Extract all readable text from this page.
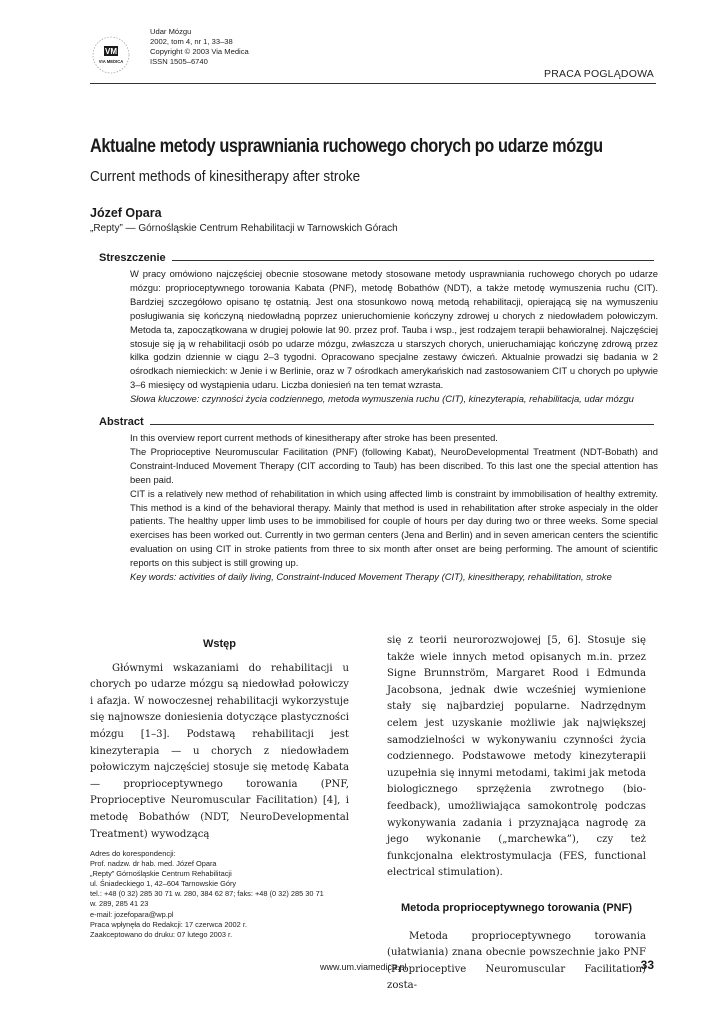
VM
VIA MEDICA
Udar Mózgu
2002, tom 4, nr 1, 33–38
Copyright © 2003 Via Medica
ISSN 1505–6740
PRACA POGLĄDOWA
Aktualne metody usprawniania ruchowego chorych po udarze mózgu
Current methods of kinesitherapy after stroke
Józef Opara
„Repty” — Górnośląskie Centrum Rehabilitacji w Tarnowskich Górach
Streszczenie

W pracy omówiono najczęściej obecnie stosowane metody stosowane metody usprawniania ruchowego chorych po udarze mózgu: proprioceptywnego torowania Kabata (PNF), metodę Bobathów (NDT), a także metodę wymuszenia ruchu (CIT). Bardziej szczegółowo opisano tę ostatnią. Jest ona stosunkowo nową metodą rehabilitacji, opierającą się na wymuszeniu posługiwania się kończyną niedowładną poprzez unieruchomienie kończyny zdrowej u chorych z niedowładem połowiczym. Metoda ta, zapoczątkowana w drugiej połowie lat 90. przez prof. Tauba i wsp., jest rodzajem terapii behawioralnej. Najczęściej stosuje się ją w rehabilitacji osób po udarze mózgu, zwłaszcza u starszych chorych, unieruchamiając kończynę zdrową przez kilka godzin dziennie w ciągu 2–3 tygodni. Opracowano specjalne zestawy ćwiczeń. Aktualnie prowadzi się badania w 2 ośrodkach niemieckich: w Jenie i w Berlinie, oraz w 7 ośrodkach amerykańskich nad zastosowaniem CIT u chorych po upływie 3–6 miesięcy od wystąpienia udaru. Liczba doniesień na ten temat wzrasta.

Słowa kluczowe: czynności życia codziennego, metoda wymuszenia ruchu (CIT), kinezyterapia, rehabilitacja, udar mózgu

Abstract

In this overview report current methods of kinesitherapy after stroke has been presented.

The Proprioceptive Neuromuscular Facilitation (PNF) (following Kabat), NeuroDevelopmental Treatment (NDT-Bobath) and Constraint-Induced Movement Therapy (CIT according to Taub) has been discribed. To this last one the special attention has been paid.

CIT is a relatively new method of rehabilitation in which using affected limb is constraint by immobilisation of healthy extremity. This method is a kind of the behavioral therapy. Mainly that method is used in rehabilitation after stroke aspecialy in the older patients. The healthy upper limb uses to be immobilised for couple of hours per day during two or three weeks. Some special exercises has been worked out. Currently in two german centers (Jena and Berlin) and in seven american centers the scientific evaluation on using CIT in stroke patients from three to six month after onset are being performing. The amount of scientific reports on this subject is still growing up.

Key words: activities of daily living, Constraint-Induced Movement Therapy (CIT), kinesitherapy, rehabilitation, stroke

Wstęp

Głównymi wskazaniami do rehabilitacji u chorych po udarze mózgu są niedowład połowiczy i afazja. W nowoczesnej rehabilitacji wykorzystuje się najnowsze doniesienia dotyczące plastyczności mózgu [1–3]. Podstawą rehabilitacji jest kinezyterapia — u chorych z niedowładem połowiczym najczęściej stosuje się metodę Kabata — proprioceptywnego torowania (PNF, Proprioceptive Neuromuscular Facilitation) [4], i metodę Bobathów (NDT, NeuroDevelopmental Treatment) wywodzącą

Adres do korespondencji:
Prof. nadzw. dr hab. med. Józef Opara
„Repty” Górnośląskie Centrum Rehabilitacji
ul. Śniadeckiego 1, 42–604 Tarnowskie Góry
tel.: +48 (0 32) 285 30 71 w. 280, 384 62 87; faks: +48 (0 32) 285 30 71
w. 289, 285 41 23
e-mail: jozefopara@wp.pl
Praca wpłynęła do Redakcji: 17 czerwca 2002 r.
Zaakceptowano do druku: 07 lutego 2003 r.

się z teorii neurorozwojowej [5, 6]. Stosuje się także wiele innych metod opisanych m.in. przez Signe Brunnström, Margaret Rood i Edmunda Jacobsona, jednak dwie wcześniej wymienione stały się najbardziej popularne. Nadrzędnym celem jest uzyskanie możliwie jak największej samodzielności w wykonywaniu czynności życia codziennego. Podstawowe metody kinezyterapii uzupełnia się innymi metodami, takimi jak metoda biologicznego sprzężenia zwrotnego (bio-feedback), umożliwiająca samokontrolę podczas wykonywania zadania i przyznająca nagrodę za jego wykonanie („marchewka”), czy też funkcjonalna elektrostymulacja (FES, functional electrical stimulation).

Metoda proprioceptywnego torowania (PNF)

Metoda proprioceptywnego torowania (ułatwiania) znana obecnie powszechnie jako PNF (Proprioceptive Neuromuscular Facilitation) zosta-

www.um.viamedica.pl	33
